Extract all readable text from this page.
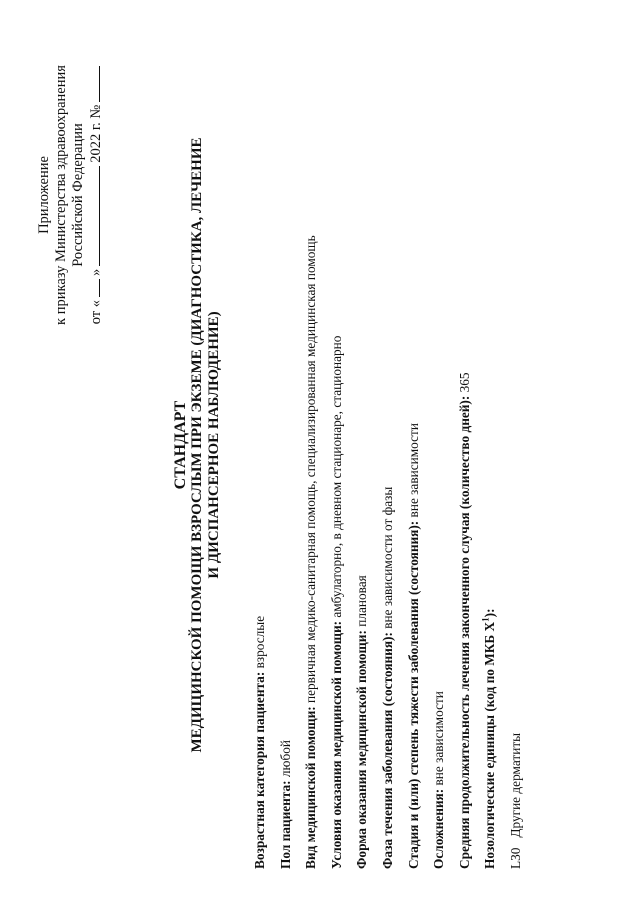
Приложение к приказу Министерства здравоохранения Российской Федерации
от «
»
2022 г. №
СТАНДАРТ МЕДИЦИНСКОЙ ПОМОЩИ ВЗРОСЛЫМ ПРИ ЭКЗЕМЕ (ДИАГНОСТИКА, ЛЕЧЕНИЕ И ДИСПАНСЕРНОЕ НАБЛЮДЕНИЕ)
Возрастная категория пациента: взрослые
Пол пациента: любой Вид медицинской помощи: первичная медико-санитарная помощь, специализированная медицинская помощь
Условия оказания медицинской помощи: амбулаторно, в дневном стационаре, стационарно
Форма оказания медицинской помощи: плановая
Фаза течения заболевания (состояния): вне зависимости от фазы Стадия и (или) степень тяжести заболевания (состояния): вне зависимости
Осложнения: вне зависимости Средняя продолжительность лечения законченного случая (количество дней): 365
Нозологические единицы (код по МКБ $X^1$):
L30
Другие дерматиты
